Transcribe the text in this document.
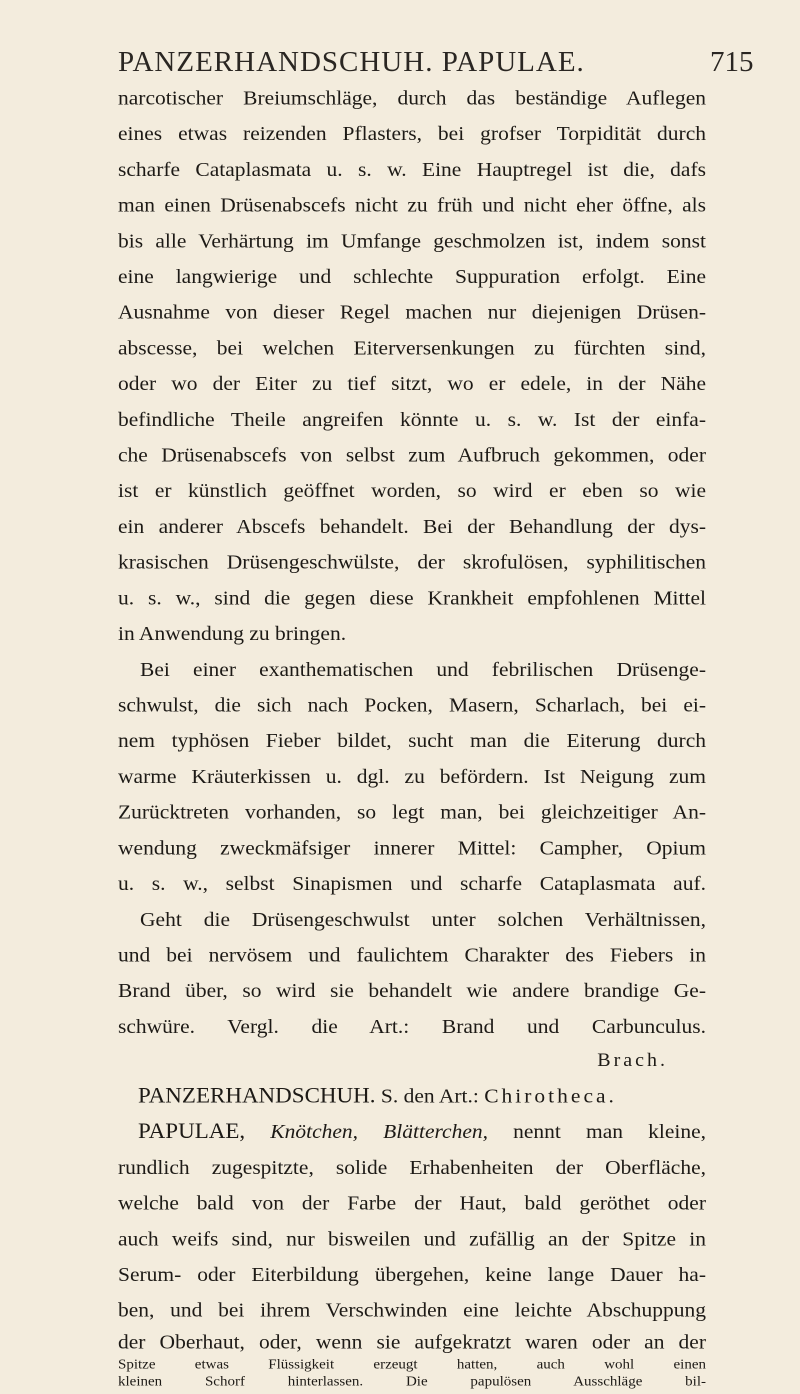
PANZERHANDSCHUH. PAPULAE.	715
narcotischer Breiumschläge, durch das beständige Auflegen
eines etwas reizenden Pflasters, bei grofser Torpidität durch
scharfe Cataplasmata u. s. w. Eine Hauptregel ist die, dafs
man einen Drüsenabscefs nicht zu früh und nicht eher öffne, als
bis alle Verhärtung im Umfange geschmolzen ist, indem sonst
eine langwierige und schlechte Suppuration erfolgt. Eine
Ausnahme von dieser Regel machen nur diejenigen Drüsen-
abscesse, bei welchen Eiterversenkungen zu fürchten sind,
oder wo der Eiter zu tief sitzt, wo er edele, in der Nähe
befindliche Theile angreifen könnte u. s. w. Ist der einfa-
che Drüsenabscefs von selbst zum Aufbruch gekommen, oder
ist er künstlich geöffnet worden, so wird er eben so wie
ein anderer Abscefs behandelt. Bei der Behandlung der dys-
krasischen Drüsengeschwülste, der skrofulösen, syphilitischen
u. s. w., sind die gegen diese Krankheit empfohlenen Mittel
in Anwendung zu bringen.
Bei einer exanthematischen und febrilischen Drüsenge-
schwulst, die sich nach Pocken, Masern, Scharlach, bei ei-
nem typhösen Fieber bildet, sucht man die Eiterung durch
warme Kräuterkissen u. dgl. zu befördern. Ist Neigung zum
Zurücktreten vorhanden, so legt man, bei gleichzeitiger An-
wendung zweckmäfsiger innerer Mittel: Campher, Opium
u. s. w., selbst Sinapismen und scharfe Cataplasmata auf.
Geht die Drüsengeschwulst unter solchen Verhältnissen,
und bei nervösem und faulichtem Charakter des Fiebers in
Brand über, so wird sie behandelt wie andere brandige Ge-
schwüre. Vergl. die Art.: Brand und Carbunculus.
Brach.
PANZERHANDSCHUH. S. den Art.: Chirotheca.
PAPULAE, Knötchen, Blätterchen, nennt man kleine,
rundlich zugespitzte, solide Erhabenheiten der Oberfläche,
welche bald von der Farbe der Haut, bald geröthet oder
auch weifs sind, nur bisweilen und zufällig an der Spitze in
Serum- oder Eiterbildung übergehen, keine lange Dauer ha-
ben, und bei ihrem Verschwinden eine leichte Abschuppung
der Oberhaut, oder, wenn sie aufgekratzt waren oder an der
Spitze etwas Flüssigkeit erzeugt hatten, auch wohl einen
kleinen Schorf hinterlassen. Die papulösen Ausschläge bil-
